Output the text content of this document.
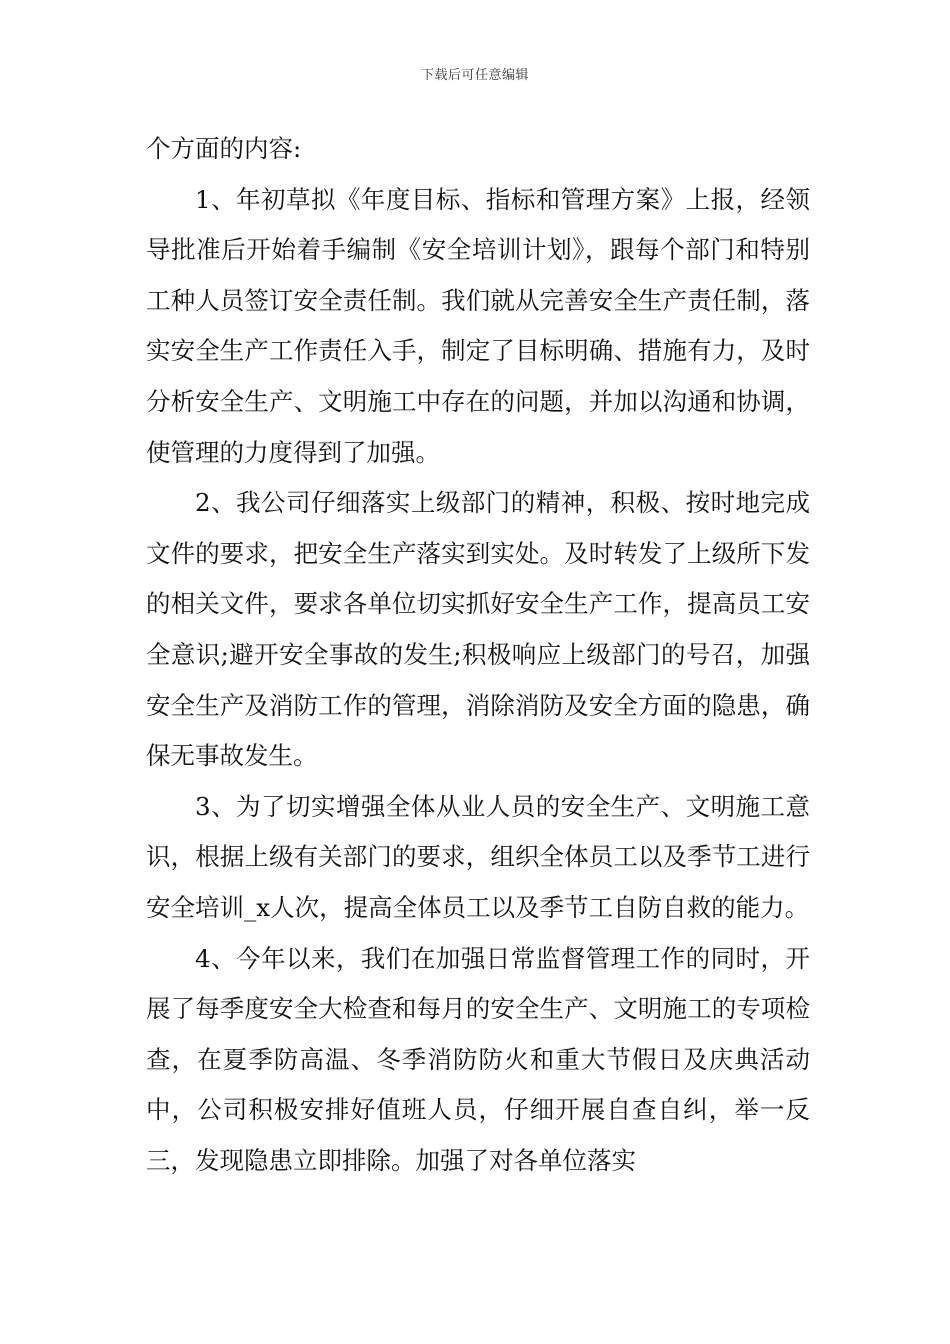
下载后可任意编辑

个方面的内容:

1、年初草拟《年度目标、指标和管理方案》上报，经领导批准后开始着手编制《安全培训计划》，跟每个部门和特别工种人员签订安全责任制。我们就从完善安全生产责任制，落实安全生产工作责任入手，制定了目标明确、措施有力，及时分析安全生产、文明施工中存在的问题，并加以沟通和协调，使管理的力度得到了加强。

2、我公司仔细落实上级部门的精神，积极、按时地完成文件的要求，把安全生产落实到实处。及时转发了上级所下发的相关文件，要求各单位切实抓好安全生产工作，提高员工安全意识;避开安全事故的发生;积极响应上级部门的号召，加强安全生产及消防工作的管理，消除消防及安全方面的隐患，确保无事故发生。

3、为了切实增强全体从业人员的安全生产、文明施工意识，根据上级有关部门的要求，组织全体员工以及季节工进行安全培训_x人次，提高全体员工以及季节工自防自救的能力。

4、今年以来，我们在加强日常监督管理工作的同时，开展了每季度安全大检查和每月的安全生产、文明施工的专项检查，在夏季防高温、冬季消防防火和重大节假日及庆典活动中，公司积极安排好值班人员，仔细开展自查自纠，举一反三，发现隐患立即排除。加强了对各单位落实
